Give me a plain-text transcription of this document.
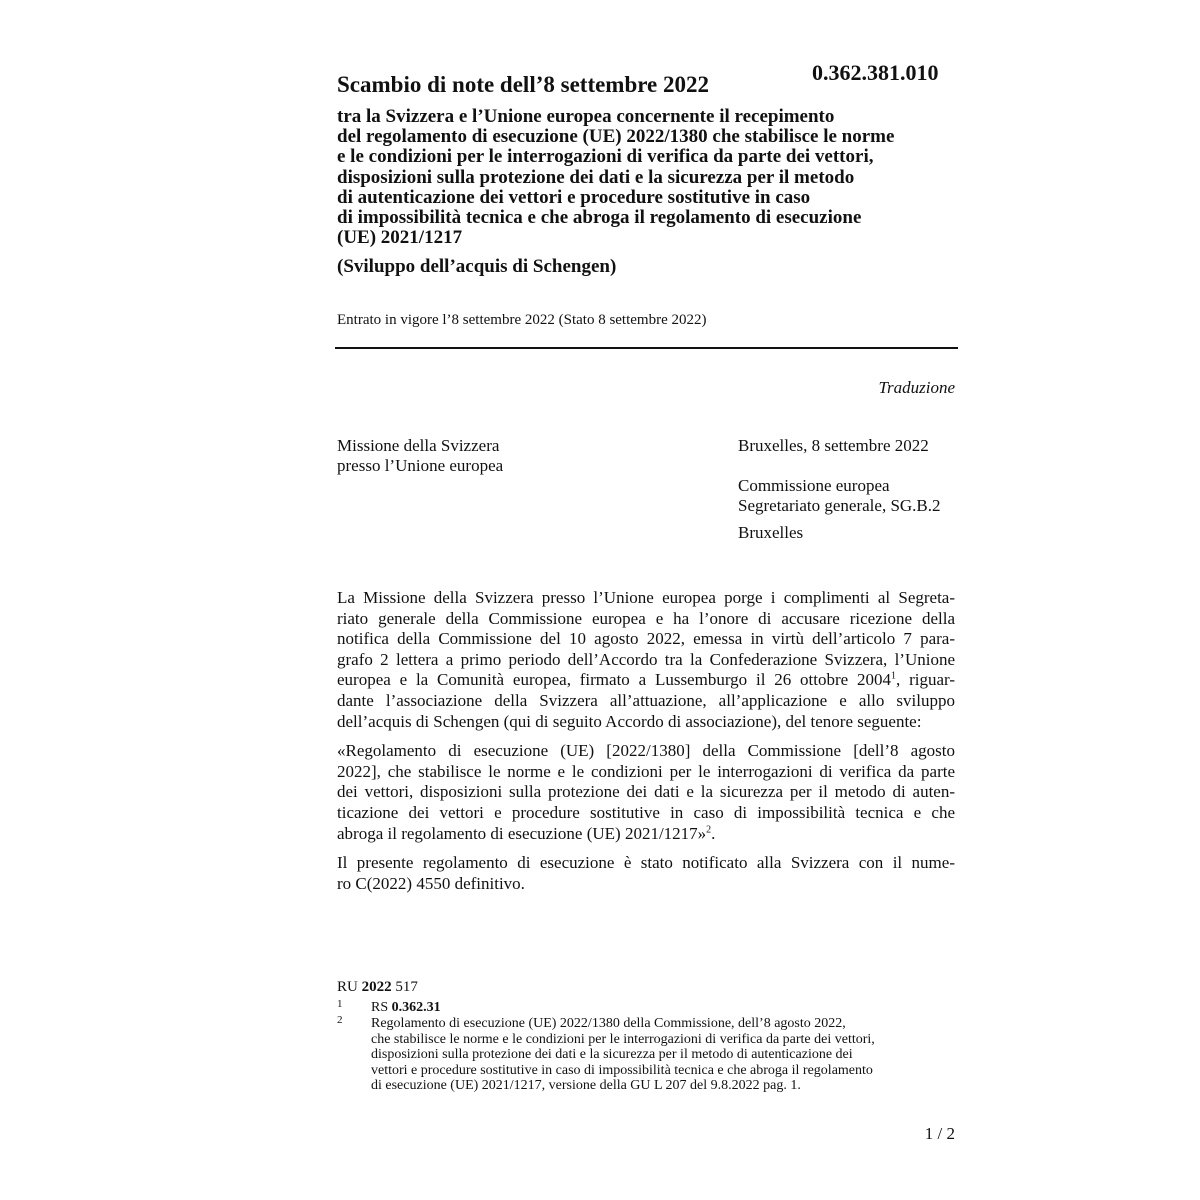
0.362.381.010
Scambio di note dell’8 settembre 2022
tra la Svizzera e l’Unione europea concernente il recepimento
del regolamento di esecuzione (UE) 2022/1380 che stabilisce le norme
e le condizioni per le interrogazioni di verifica da parte dei vettori,
disposizioni sulla protezione dei dati e la sicurezza per il metodo
di autenticazione dei vettori e procedure sostitutive in caso
di impossibilità tecnica e che abroga il regolamento di esecuzione
(UE) 2021/1217
(Sviluppo dell’acquis di Schengen)
Entrato in vigore l’8 settembre 2022 (Stato 8 settembre 2022)
Traduzione
Missione della Svizzera
presso l’Unione europea
Bruxelles, 8 settembre 2022
Commissione europea
Segretariato generale, SG.B.2
Bruxelles
La Missione della Svizzera presso l’Unione europea porge i complimenti al Segreta-
riato generale della Commissione europea e ha l’onore di accusare ricezione della
notifica della Commissione del 10 agosto 2022, emessa in virtù dell’articolo 7 para-
grafo 2 lettera a primo periodo dell’Accordo tra la Confederazione Svizzera, l’Unione
europea e la Comunità europea, firmato a Lussemburgo il 26 ottobre 2004$^1$, riguar-
dante l’associazione della Svizzera all’attuazione, all’applicazione e allo sviluppo
dell’acquis di Schengen (qui di seguito Accordo di associazione), del tenore seguente:
«Regolamento di esecuzione (UE) [2022/1380] della Commissione [dell’8 agosto
2022], che stabilisce le norme e le condizioni per le interrogazioni di verifica da parte
dei vettori, disposizioni sulla protezione dei dati e la sicurezza per il metodo di auten-
ticazione dei vettori e procedure sostitutive in caso di impossibilità tecnica e che
abroga il regolamento di esecuzione (UE) 2021/1217»$^2$.
Il presente regolamento di esecuzione è stato notificato alla Svizzera con il nume-
ro C(2022) 4550 definitivo.
RU 2022 517
1 RS 0.362.31
2 Regolamento di esecuzione (UE) 2022/1380 della Commissione, dell’8 agosto 2022,
che stabilisce le norme e le condizioni per le interrogazioni di verifica da parte dei vettori,
disposizioni sulla protezione dei dati e la sicurezza per il metodo di autenticazione dei
vettori e procedure sostitutive in caso di impossibilità tecnica e che abroga il regolamento
di esecuzione (UE) 2021/1217, versione della GU L 207 del 9.8.2022 pag. 1.
1 / 2
